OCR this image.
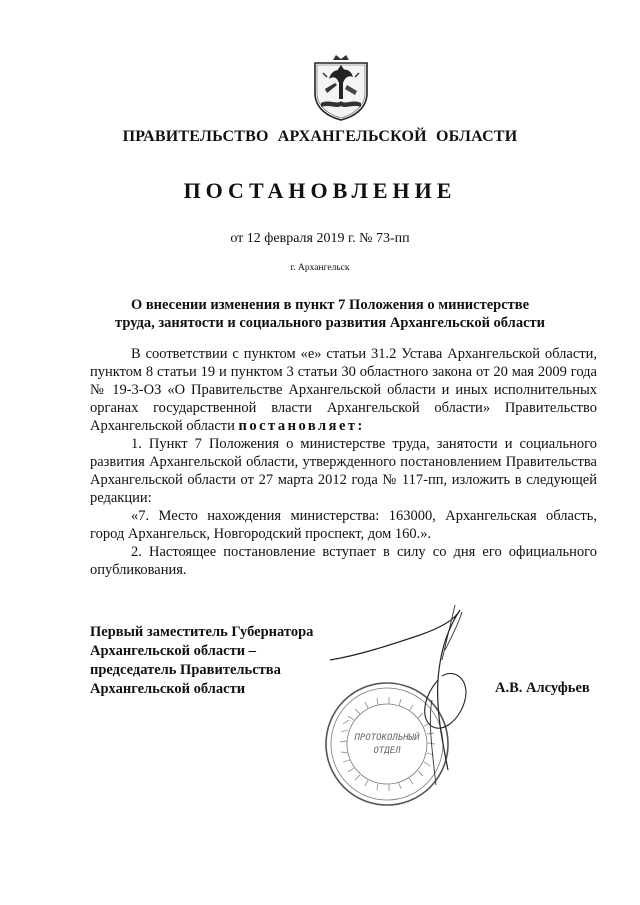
ПРАВИТЕЛЬСТВО АРХАНГЕЛЬСКОЙ ОБЛАСТИ
ПОСТАНОВЛЕНИЕ
от 12 февраля 2019 г. № 73-пп
г. Архангельск
О внесении изменения в пункт 7 Положения о министерстве
труда, занятости и социального развития Архангельской области

В соответствии с пунктом «е» статьи 31.2 Устава Архангельской области, пунктом 8 статьи 19 и пунктом 3 статьи 30 областного закона от 20 мая 2009 года № 19-3-ОЗ «О Правительстве Архангельской области и иных исполнительных органах государственной власти Архангельской области» Правительство Архангельской области постановляет:

1. Пункт 7 Положения о министерстве труда, занятости и социального развития Архангельской области, утвержденного постановлением Правительства Архангельской области от 27 марта 2012 года № 117-пп, изложить в следующей редакции:

«7. Место нахождения министерства: 163000, Архангельская область, город Архангельск, Новгородский проспект, дом 160.».

2. Настоящее постановление вступает в силу со дня его официального опубликования.

Первый заместитель Губернатора
Архангельской области –
председатель Правительства
Архангельской области
ПРОТОКОЛЬНЫЙ
ОТДЕЛ
А.В. Алсуфьев
